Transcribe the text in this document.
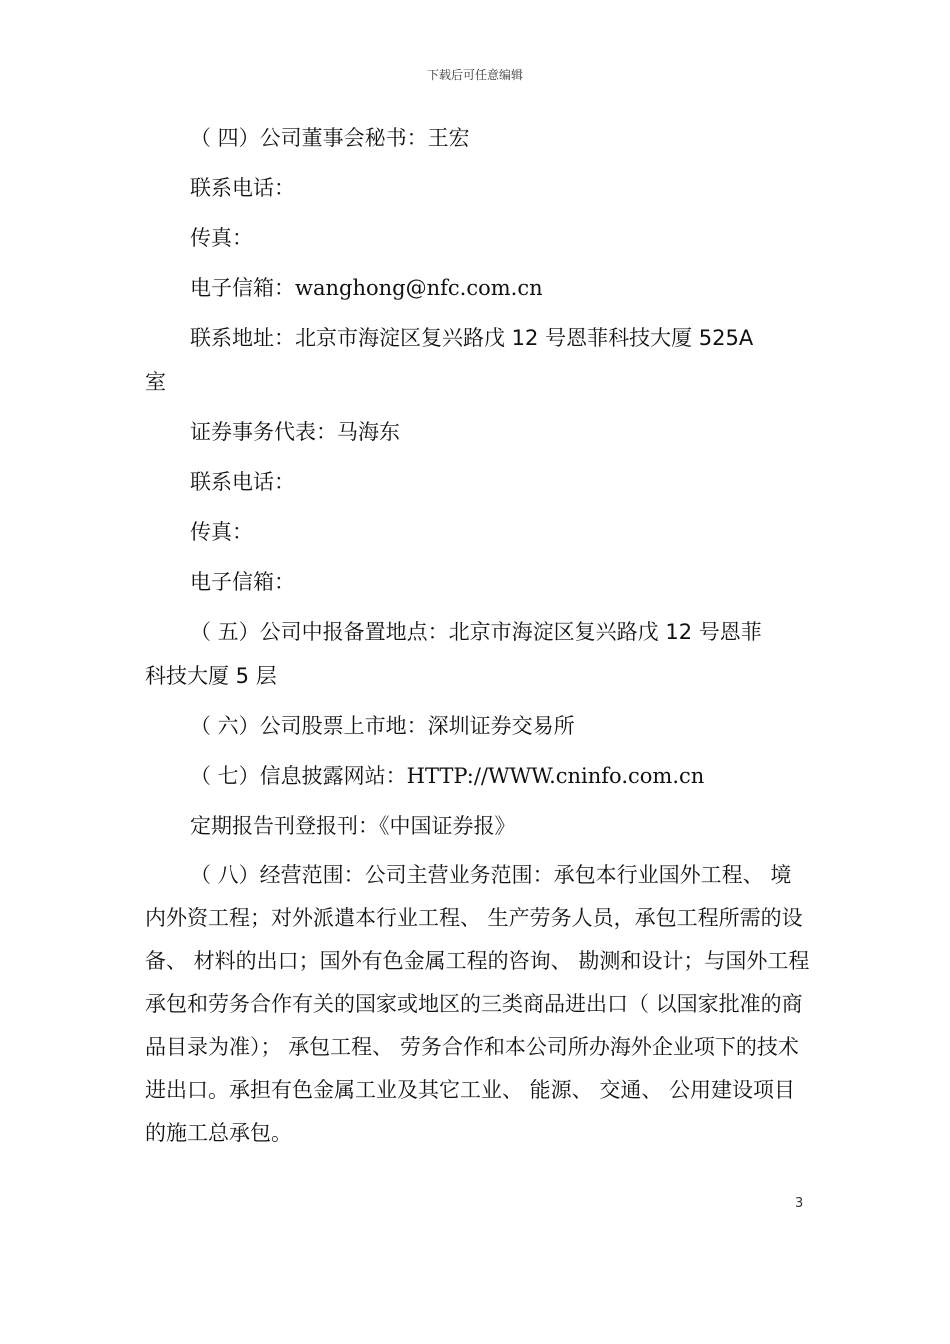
下载后可任意编辑
（ 四）公司董事会秘书：王宏
联系电话：
传真：
电子信箱：wanghong@nfc.com.cn
联系地址：北京市海淀区复兴路戊 12 号恩菲科技大厦 525A
室
证券事务代表：马海东
联系电话：
传真：
电子信箱：
（ 五）公司中报备置地点：北京市海淀区复兴路戊 12 号恩菲
科技大厦 5 层
（ 六）公司股票上市地：深圳证券交易所
（ 七）信息披露网站：HTTP://WWW.cninfo.com.cn
定期报告刊登报刊：《中国证券报》
（ 八）经营范围：公司主营业务范围：承包本行业国外工程、 境内外资工程；对外派遣本行业工程、 生产劳务人员，承包工程所需的设备、 材料的出口；国外有色金属工程的咨询、 勘测和设计；与国外工程承包和劳务合作有关的国家或地区的三类商品进出口（ 以国家批准的商品目录为准）； 承包工程、 劳务合作和本公司所办海外企业项下的技术进出口。承担有色金属工业及其它工业、 能源、 交通、 公用建设项目的施工总承包。
3
